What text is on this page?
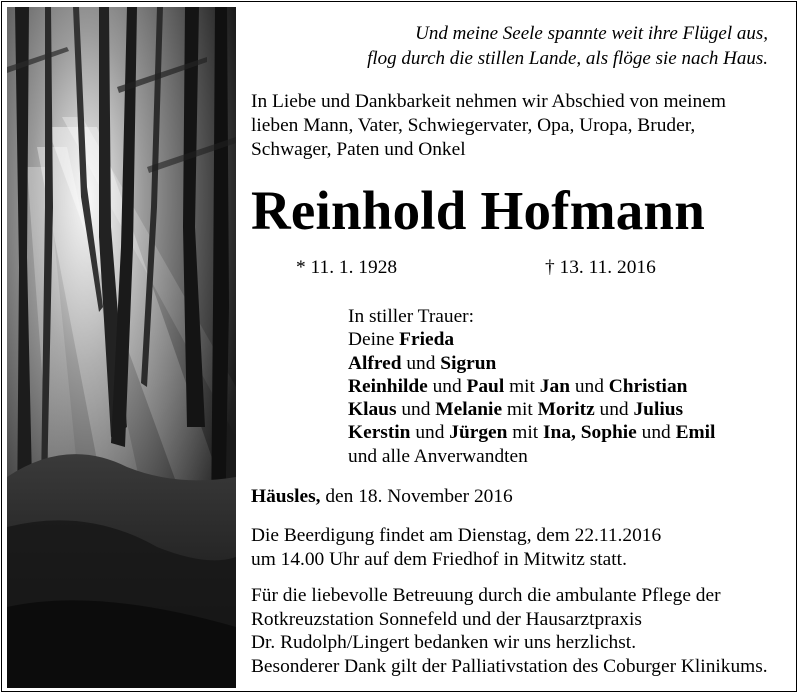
Und meine Seele spannte weit ihre Flügel aus,
flog durch die stillen Lande, als flöge sie nach Haus.
In Liebe und Dankbarkeit nehmen wir Abschied von meinem
lieben Mann, Vater, Schwiegervater, Opa, Uropa, Bruder,
Schwager, Paten und Onkel
Reinhold Hofmann
* 11. 1. 1928	† 13. 11. 2016
In stiller Trauer:
Deine Frieda
Alfred und Sigrun
Reinhilde und Paul mit Jan und Christian
Klaus und Melanie mit Moritz und Julius
Kerstin und Jürgen mit Ina, Sophie und Emil
und alle Anverwandten
Häusles, den 18. November 2016
Die Beerdigung findet am Dienstag, dem 22.11.2016
um 14.00 Uhr auf dem Friedhof in Mitwitz statt.
Für die liebevolle Betreuung durch die ambulante Pflege der
Rotkreuzstation Sonnefeld und der Hausarztpraxis
Dr. Rudolph/Lingert bedanken wir uns herzlichst.
Besonderer Dank gilt der Palliativstation des Coburger Klinikums.
